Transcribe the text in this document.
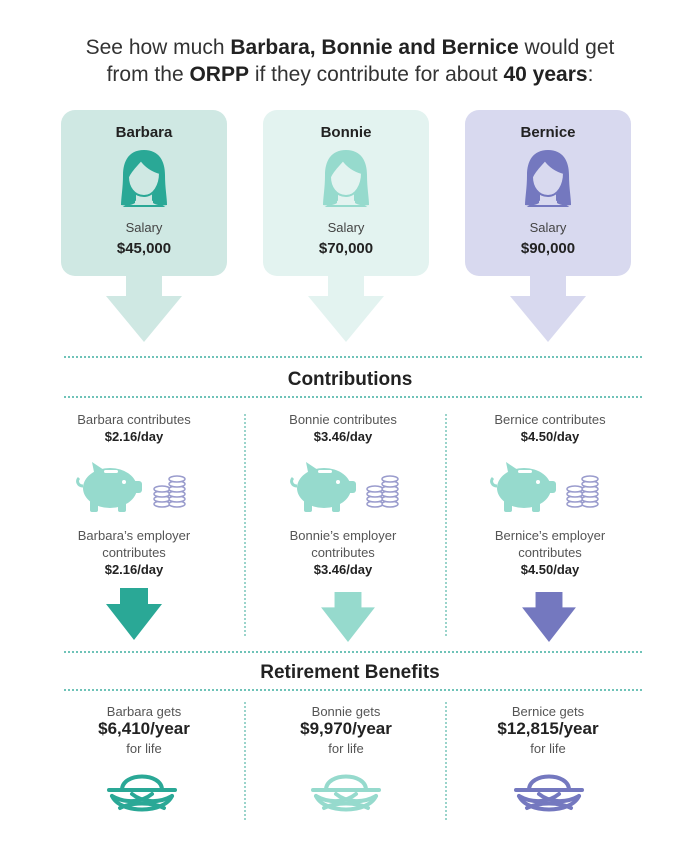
See how much Barbara, Bonnie and Bernice would get
from the ORPP if they contribute for about 40 years:
Barbara
Salary
$45,000
Bonnie
Salary
$70,000
Bernice
Salary
$90,000
Contributions
Barbara contributes
$2.16/day
Barbara’s employer
contributes
$2.16/day
Bonnie contributes
$3.46/day
Bonnie’s employer
contributes
$3.46/day
Bernice contributes
$4.50/day
Bernice’s employer
contributes
$4.50/day
Retirement Benefits
Barbara gets
$6,410/year
for life
Bonnie gets
$9,970/year
for life
Bernice gets
$12,815/year
for life
